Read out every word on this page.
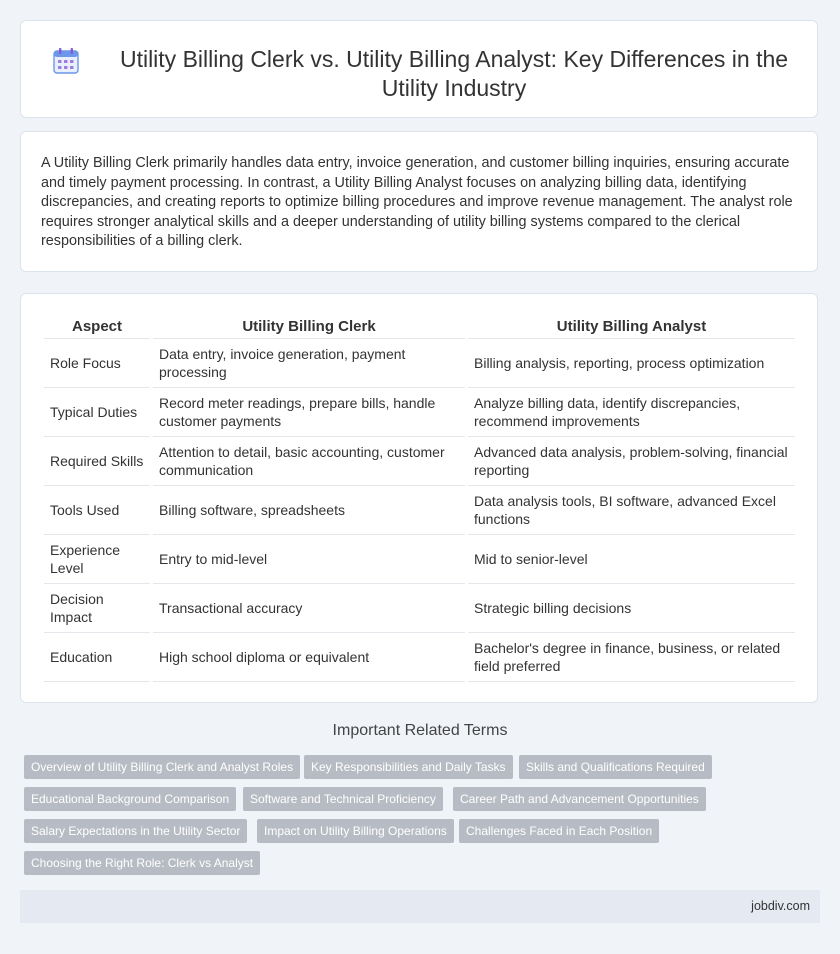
Utility Billing Clerk vs. Utility Billing Analyst: Key Differences in the Utility Industry

A Utility Billing Clerk primarily handles data entry, invoice generation, and customer billing inquiries, ensuring accurate and timely payment processing. In contrast, a Utility Billing Analyst focuses on analyzing billing data, identifying discrepancies, and creating reports to optimize billing procedures and improve revenue management. The analyst role requires stronger analytical skills and a deeper understanding of utility billing systems compared to the clerical responsibilities of a billing clerk.

Aspect	Utility Billing Clerk	Utility Billing Analyst
Role Focus	Data entry, invoice generation, payment processing	Billing analysis, reporting, process optimization
Typical Duties	Record meter readings, prepare bills, handle customer payments	Analyze billing data, identify discrepancies, recommend improvements
Required Skills	Attention to detail, basic accounting, customer communication	Advanced data analysis, problem-solving, financial reporting
Tools Used	Billing software, spreadsheets	Data analysis tools, BI software, advanced Excel functions
Experience Level	Entry to mid-level	Mid to senior-level
Decision Impact	Transactional accuracy	Strategic billing decisions
Education	High school diploma or equivalent	Bachelor's degree in finance, business, or related field preferred
Important Related Terms
Overview of Utility Billing Clerk and Analyst Roles	Key Responsibilities and Daily Tasks	Skills and Qualifications Required
Educational Background Comparison	Software and Technical Proficiency	Career Path and Advancement Opportunities
Salary Expectations in the Utility Sector	Impact on Utility Billing Operations	Challenges Faced in Each Position
Choosing the Right Role: Clerk vs Analyst
jobdiv.com
